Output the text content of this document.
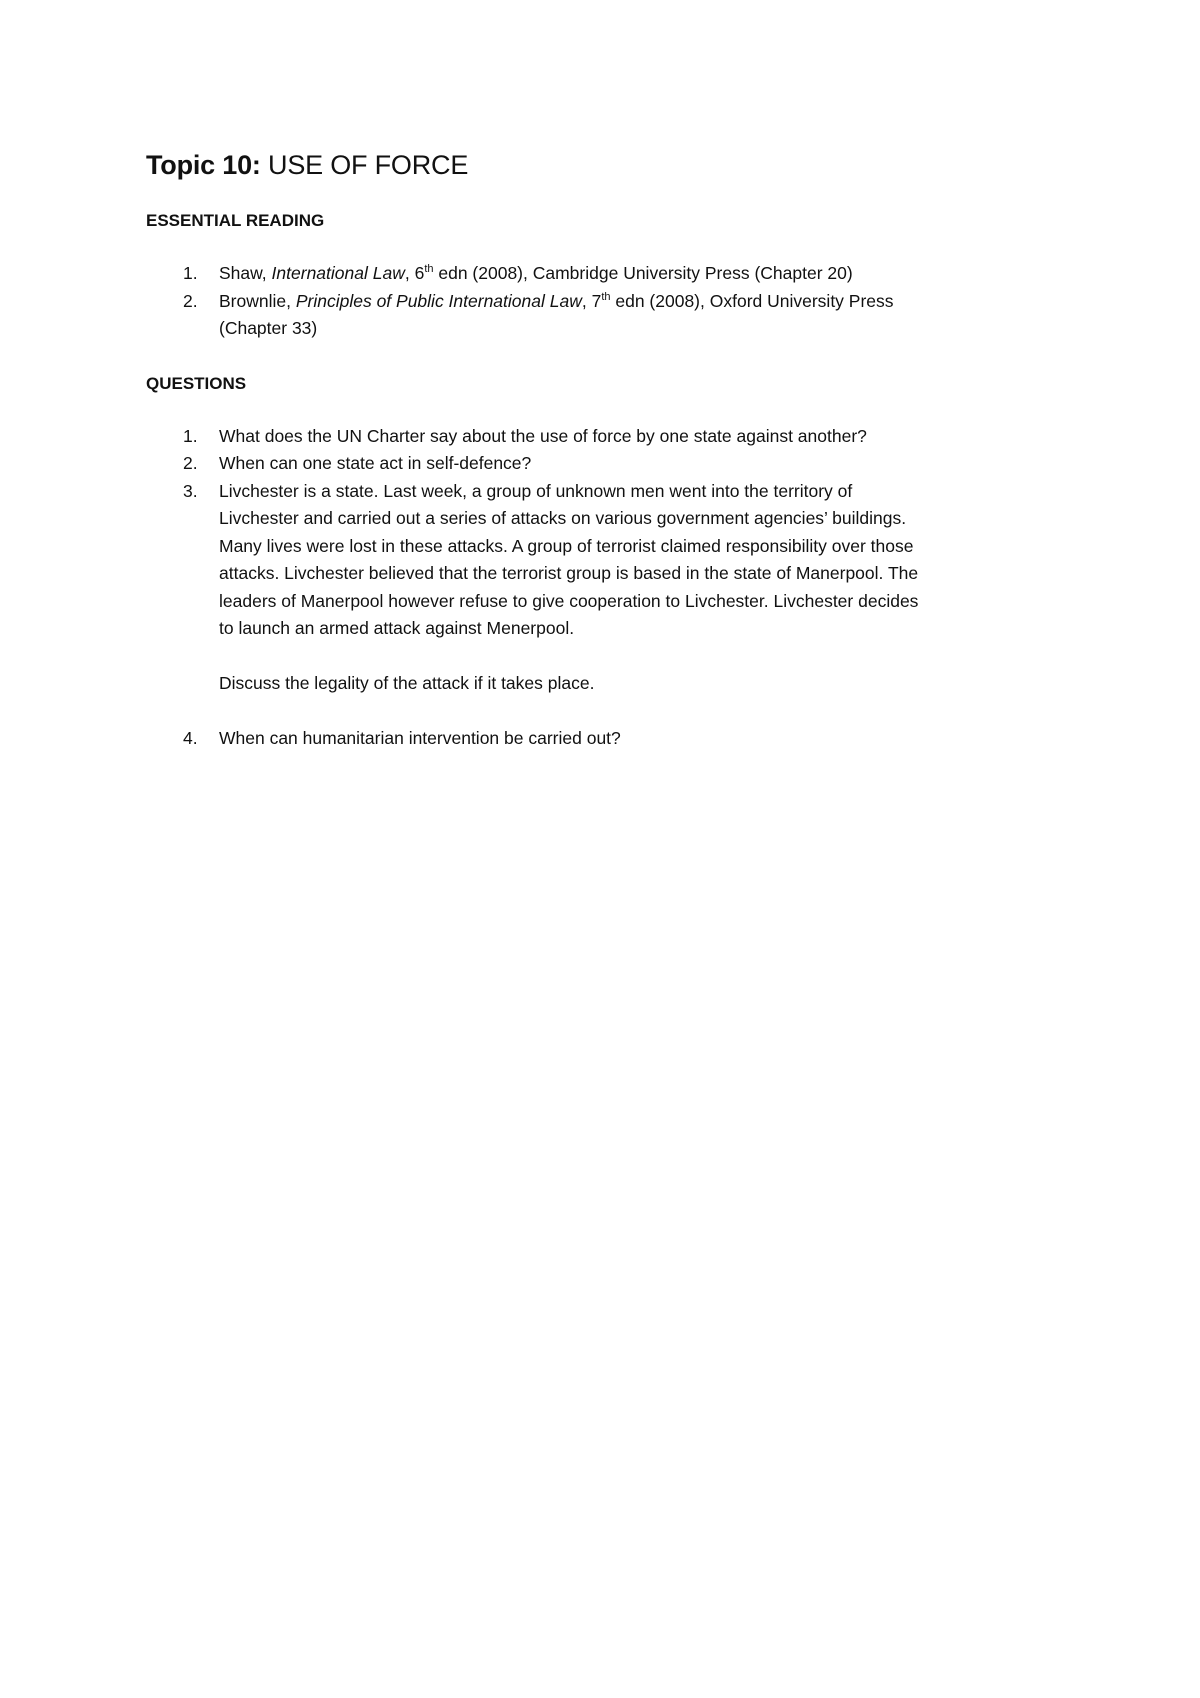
Topic 10: USE OF FORCE
ESSENTIAL READING
1. Shaw, International Law, 6th edn (2008), Cambridge University Press (Chapter 20)
2. Brownlie, Principles of Public International Law, 7th edn (2008), Oxford University Press
(Chapter 33)
QUESTIONS
1. What does the UN Charter say about the use of force by one state against another?
2. When can one state act in self-defence?
3. Livchester is a state. Last week, a group of unknown men went into the territory of
Livchester and carried out a series of attacks on various government agencies’ buildings.
Many lives were lost in these attacks. A group of terrorist claimed responsibility over those
attacks. Livchester believed that the terrorist group is based in the state of Manerpool. The
leaders of Manerpool however refuse to give cooperation to Livchester. Livchester decides
to launch an armed attack against Menerpool.
Discuss the legality of the attack if it takes place.
4. When can humanitarian intervention be carried out?
